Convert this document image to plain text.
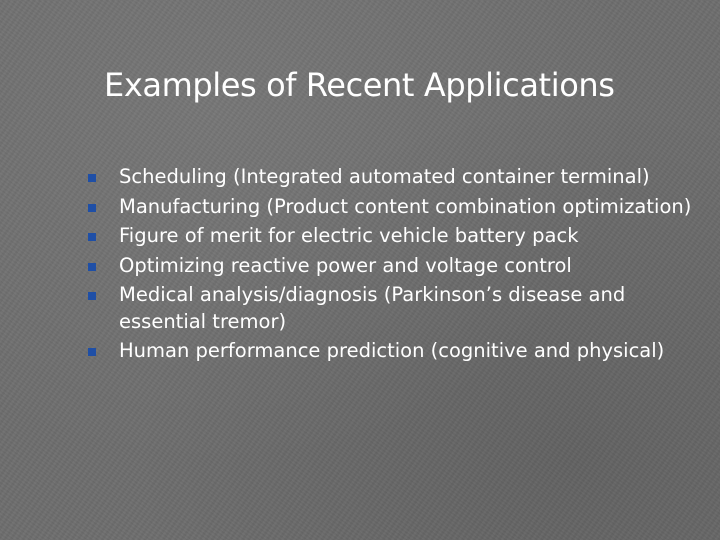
Examples of Recent Applications
Scheduling (Integrated automated container terminal)
Manufacturing (Product content combination optimization)
Figure of merit for electric vehicle battery pack
Optimizing reactive power and voltage control
Medical analysis/diagnosis (Parkinson’s disease and essential tremor)
Human performance prediction (cognitive and physical)
